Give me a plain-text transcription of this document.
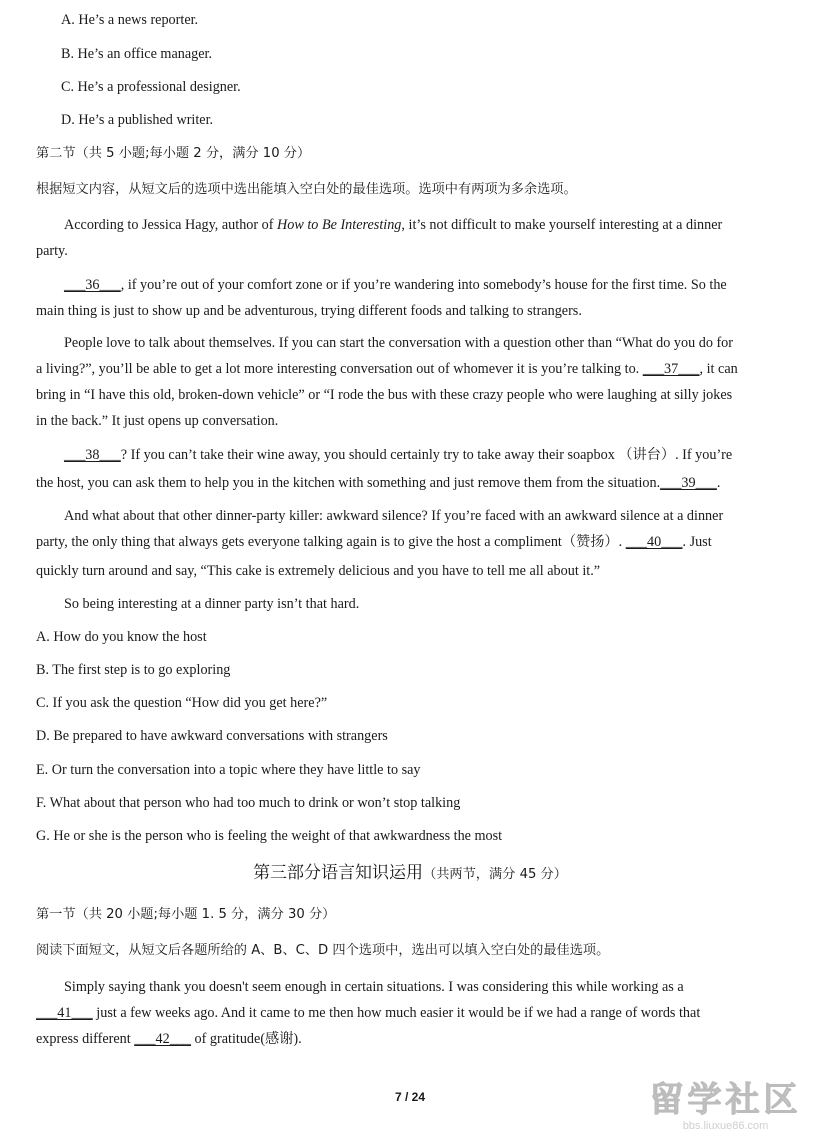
A. He’s a news reporter.
B. He’s an office manager.
C. He’s a professional designer.
D. He’s a published writer.
第二节（共 5 小题;每小题 2 分，满分 10 分）
根据短文内容，从短文后的选项中选出能填入空白处的最佳选项。选项中有两项为多余选项。
According to Jessica Hagy, author of How to Be Interesting, it’s not difficult to make yourself interesting at a dinner
party.
___36___, if you’re out of your comfort zone or if you’re wandering into somebody’s house for the first time. So the
main thing is just to show up and be adventurous, trying different foods and talking to strangers.
People love to talk about themselves. If you can start the conversation with a question other than “What do you do for
a living?”, you’ll be able to get a lot more interesting conversation out of whomever it is you’re talking to. ___37___, it can
bring in “I have this old, broken-down vehicle” or “I rode the bus with these crazy people who were laughing at silly jokes
in the back.” It just opens up conversation.
___38___? If you can’t take their wine away, you should certainly try to take away their soapbox （讲台）. If you’re
the host, you can ask them to help you in the kitchen with something and just remove them from the situation.___39___.
And what about that other dinner-party killer: awkward silence? If you’re faced with an awkward silence at a dinner
party, the only thing that always gets everyone talking again is to give the host a compliment（赞扬）. ___40___. Just
quickly turn around and say, “This cake is extremely delicious and you have to tell me all about it.”
So being interesting at a dinner party isn’t that hard.
A. How do you know the host
B. The first step is to go exploring
C. If you ask the question “How did you get here?”
D. Be prepared to have awkward conversations with strangers
E. Or turn the conversation into a topic where they have little to say
F. What about that person who had too much to drink or won’t stop talking
G. He or she is the person who is feeling the weight of that awkwardness the most
第三部分语言知识运用（共两节，满分 45 分）
第一节（共 20 小题;每小题 1. 5 分，满分 30 分）
阅读下面短文，从短文后各题所给的 A、B、C、D 四个选项中，选出可以填入空白处的最佳选项。
Simply saying thank you doesn't seem enough in certain situations. I was considering this while working as a
___41___ just a few weeks ago. And it came to me then how much easier it would be if we had a range of words that
express different ___42___ of gratitude(感谢).
7 / 24	留学社区
bbs.liuxue86.com
